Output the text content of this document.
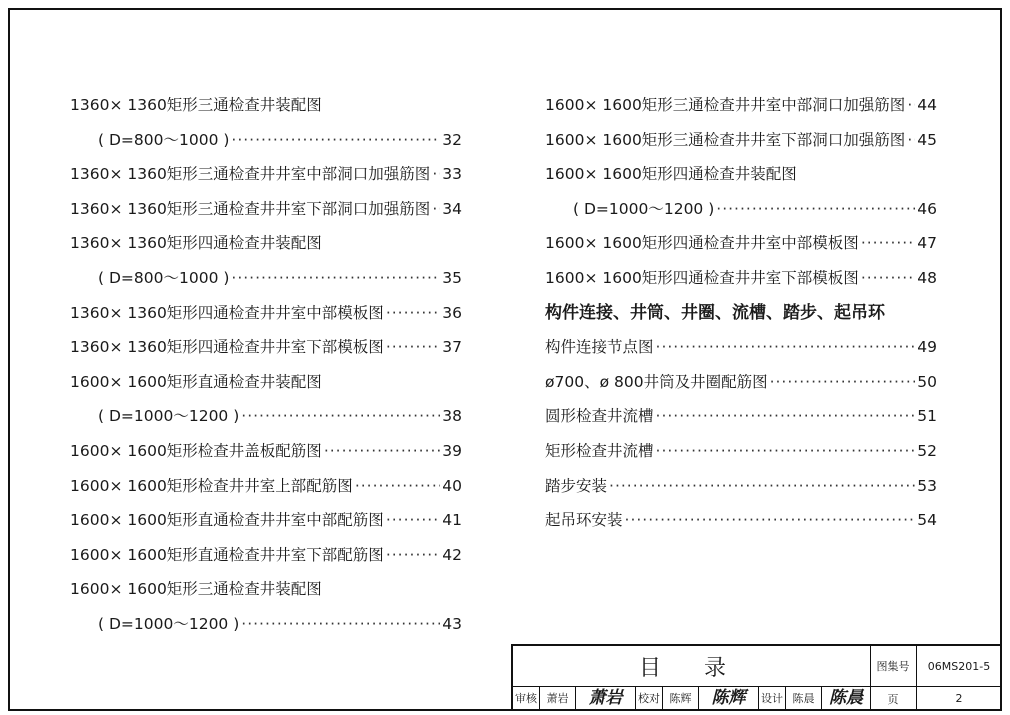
1360× 1360矩形三通检查井装配图
( D=800～1000 ) ·····	32
1360× 1360矩形三通检查井井室中部洞口加强筋图 ····· 33
1360× 1360矩形三通检查井井室下部洞口加强筋图 ····· 34
1360× 1360矩形四通检查井装配图
( D=800～1000 ) ·····	35
1360× 1360矩形四通检查井井室中部模板图 ·····	36
1360× 1360矩形四通检查井井室下部模板图 ·····	37
1600× 1600矩形直通检查井装配图
( D=1000～1200 ) ·····	38
1600× 1600矩形检查井盖板配筋图 ·····	39
1600× 1600矩形检查井井室上部配筋图 ·····	40
1600× 1600矩形直通检查井井室中部配筋图 ·····	41
1600× 1600矩形直通检查井井室下部配筋图 ·····	42
1600× 1600矩形三通检查井装配图
( D=1000～1200 ) ·····	43
1600× 1600矩形三通检查井井室中部洞口加强筋图 ····· 44
1600× 1600矩形三通检查井井室下部洞口加强筋图 ····· 45
1600× 1600矩形四通检查井装配图
( D=1000～1200 ) ·····	46
1600× 1600矩形四通检查井井室中部模板图 ·····	47
1600× 1600矩形四通检查井井室下部模板图 ·····	48
构件连接、井筒、井圈、流槽、踏步、起吊环
构件连接节点图 ·····	49
ø700、ø 800井筒及井圈配筋图 ·····	50
圆形检查井流槽 ·····	51
矩形检查井流槽 ·····	52
踏步安装 ·····	53
起吊环安装 ·····	54
目 录	图集号	06MS201-5
审核 萧岩	萧岩	校对 陈辉	陈辉	设计 陈晨 陈晨	页	2
